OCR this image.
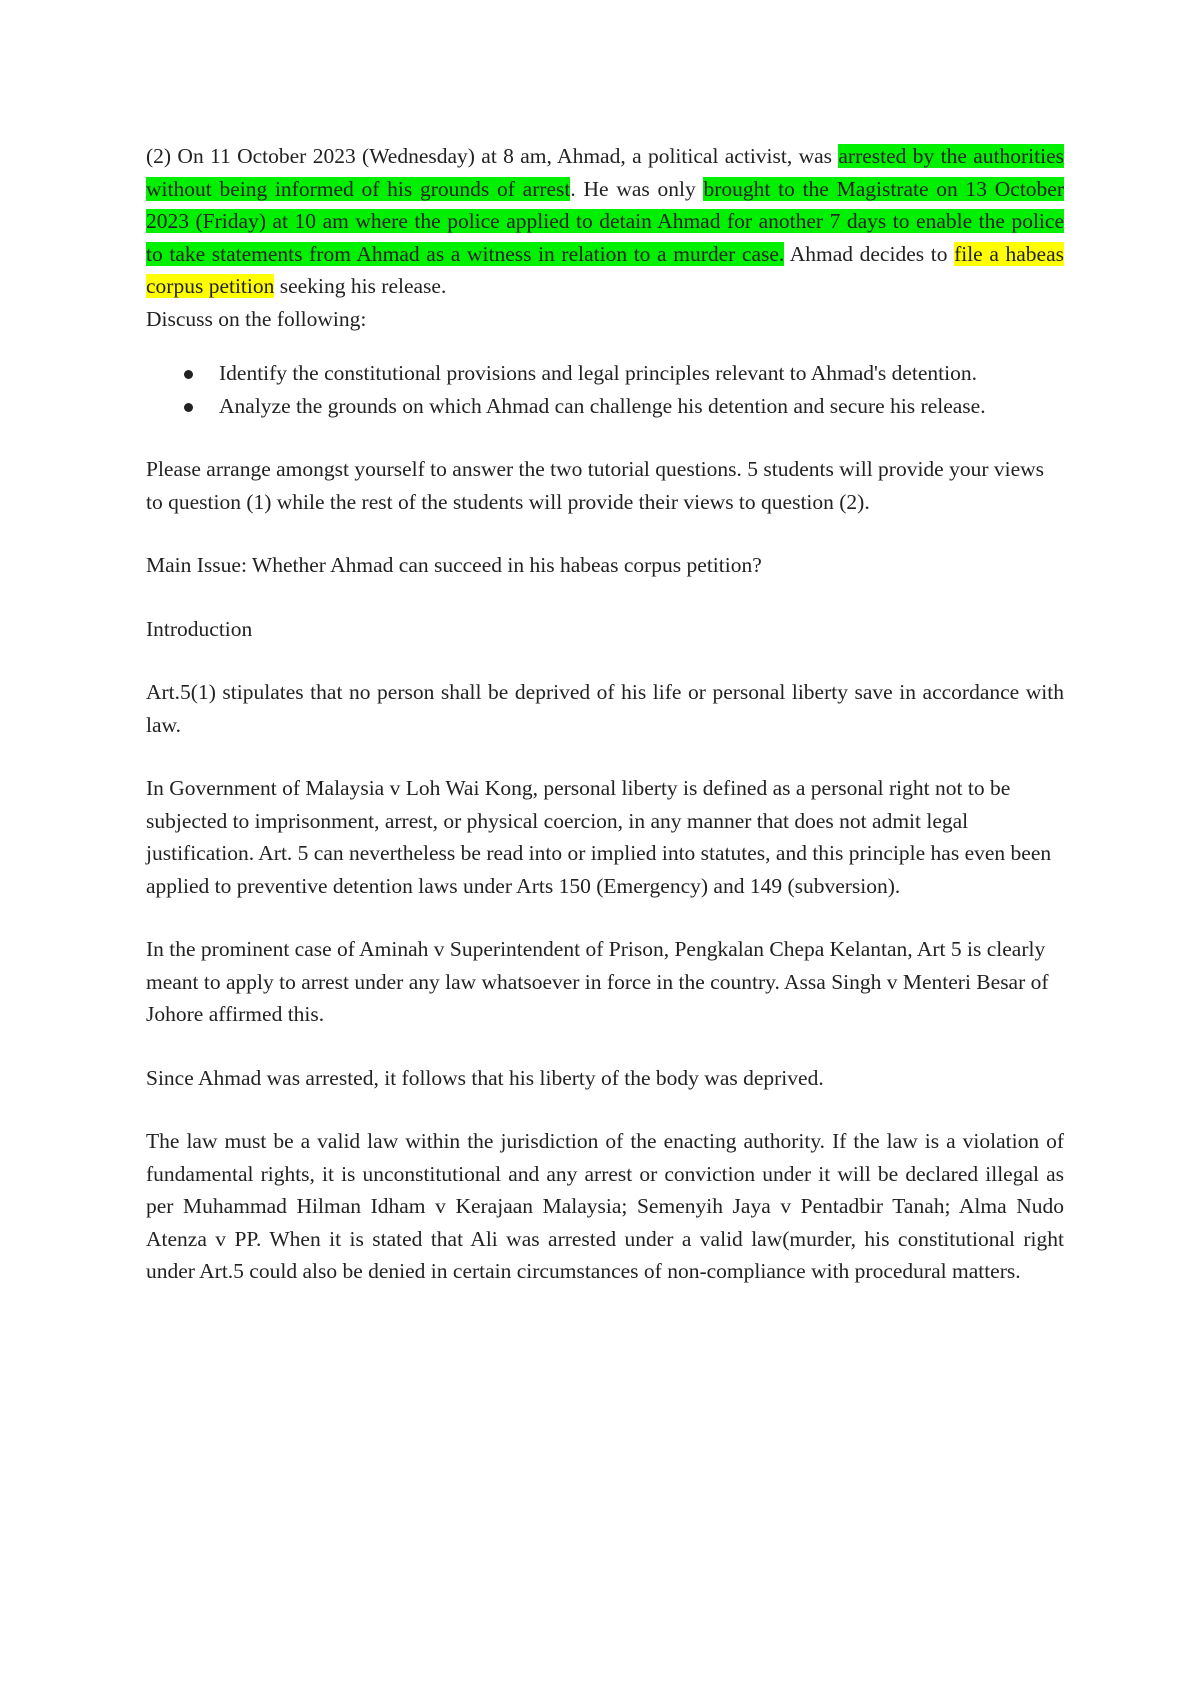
(2) On 11 October 2023 (Wednesday) at 8 am, Ahmad, a political activist, was arrested by the authorities without being informed of his grounds of arrest. He was only brought to the Magistrate on 13 October 2023 (Friday) at 10 am where the police applied to detain Ahmad for another 7 days to enable the police to take statements from Ahmad as a witness in relation to a murder case. Ahmad decides to file a habeas corpus petition seeking his release.

Discuss on the following:

Identify the constitutional provisions and legal principles relevant to Ahmad's detention.
Analyze the grounds on which Ahmad can challenge his detention and secure his release.

Please arrange amongst yourself to answer the two tutorial questions. 5 students will provide your views to question (1) while the rest of the students will provide their views to question (2).

Main Issue: Whether Ahmad can succeed in his habeas corpus petition?

Introduction

Art.5(1) stipulates that no person shall be deprived of his life or personal liberty save in accordance with law.

In Government of Malaysia v Loh Wai Kong, personal liberty is defined as a personal right not to be subjected to imprisonment, arrest, or physical coercion, in any manner that does not admit legal justification. Art. 5 can nevertheless be read into or implied into statutes, and this principle has even been applied to preventive detention laws under Arts 150 (Emergency) and 149 (subversion).

In the prominent case of Aminah v Superintendent of Prison, Pengkalan Chepa Kelantan, Art 5 is clearly meant to apply to arrest under any law whatsoever in force in the country. Assa Singh v Menteri Besar of Johore affirmed this.

Since Ahmad was arrested, it follows that his liberty of the body was deprived.

The law must be a valid law within the jurisdiction of the enacting authority. If the law is a violation of fundamental rights, it is unconstitutional and any arrest or conviction under it will be declared illegal as per Muhammad Hilman Idham v Kerajaan Malaysia; Semenyih Jaya v Pentadbir Tanah; Alma Nudo Atenza v PP. When it is stated that Ali was arrested under a valid law(murder, his constitutional right under Art.5 could also be denied in certain circumstances of non-compliance with procedural matters.
